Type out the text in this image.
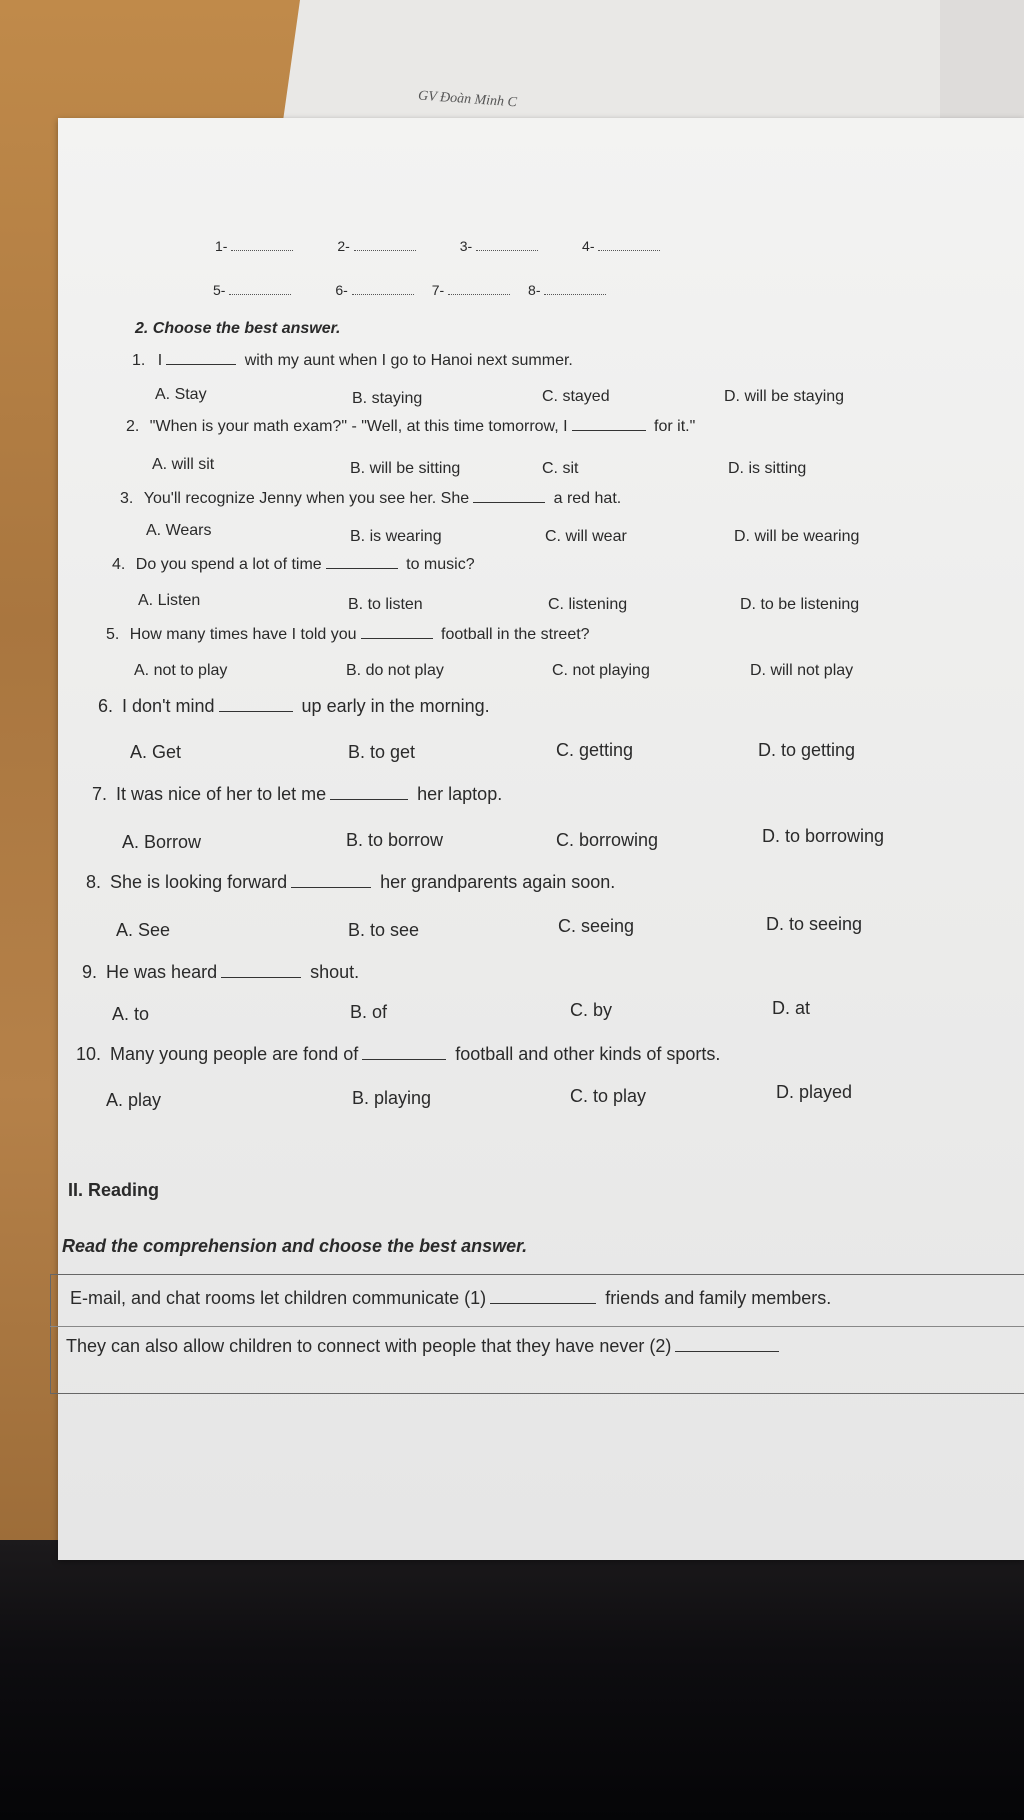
GV Đoàn Minh C
1-	2-	3-	4-
5-	6-	7-	8-
2. Choose the best answer.
1. I	with my aunt when I go to Hanoi next summer.
A. Stay	B. staying	C. stayed	D. will be staying
2. "When is your math exam?" - "Well, at this time tomorrow, I	for it."
A. will sit	B. will be sitting	C. sit	D. is sitting
3. You'll recognize Jenny when you see her. She	a red hat.
A. Wears	B. is wearing	C. will wear	D. will be wearing
4. Do you spend a lot of time	to music?
A. Listen	B. to listen	C. listening	D. to be listening
5. How many times have I told you	football in the street?
A. not to play	B. do not play	C. not playing	D. will not play
6. I don't mind	up early in the morning.
A. Get	B. to get	C. getting	D. to getting
7. It was nice of her to let me	her laptop.
A. Borrow	B. to borrow	C. borrowing	D. to borrowing
8. She is looking forward	her grandparents again soon.
A. See	B. to see	C. seeing	D. to seeing
9. He was heard	shout.
A. to	B. of	C. by	D. at
10. Many young people are fond of	football and other kinds of sports.
A. play	B. playing	C. to play	D. played
II. Reading
Read the comprehension and choose the best answer.
E-mail, and chat rooms let children communicate (1)	friends and family members.
They can also allow children to connect with people that they have never (2)
